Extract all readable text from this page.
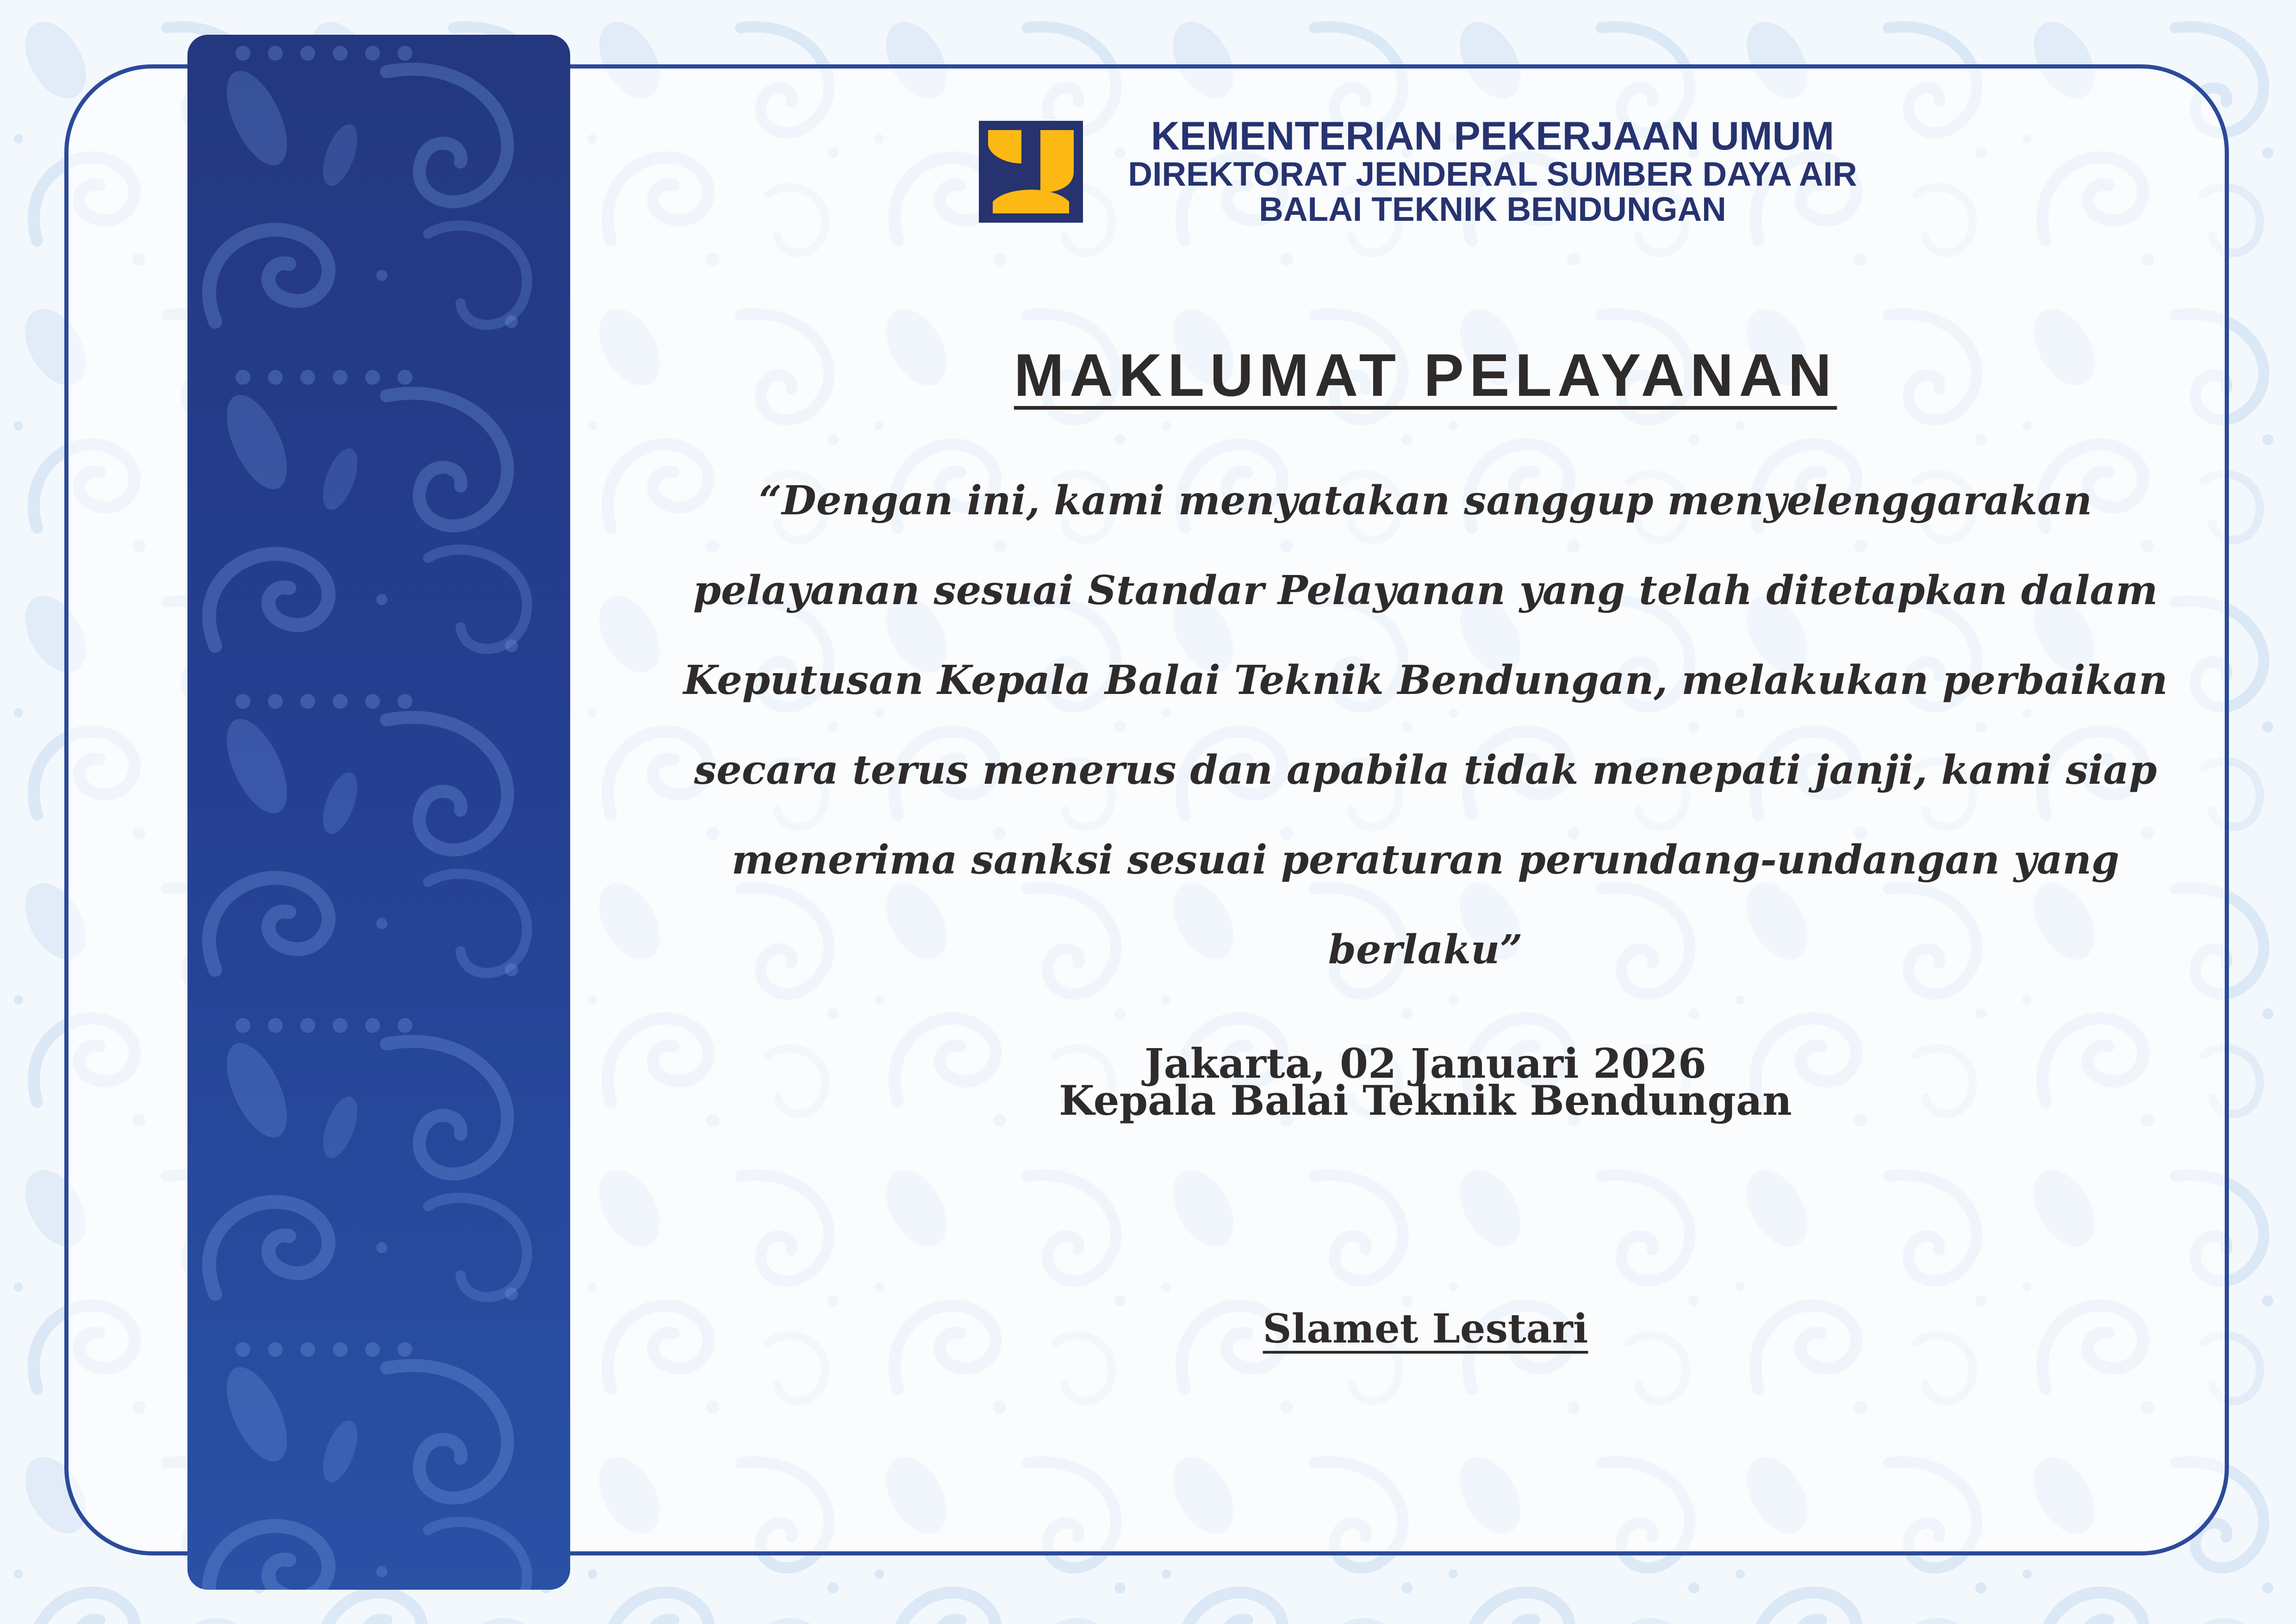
KEMENTERIAN PEKERJAAN UMUM
DIREKTORAT JENDERAL SUMBER DAYA AIR
BALAI TEKNIK BENDUNGAN
MAKLUMAT PELAYANAN

“Dengan ini, kami menyatakan sanggup menyelenggarakan pelayanan sesuai Standar Pelayanan yang telah ditetapkan dalam Keputusan Kepala Balai Teknik Bendungan, melakukan perbaikan secara terus menerus dan apabila tidak menepati janji, kami siap menerima sanksi sesuai peraturan perundang-undangan yang berlaku”

Jakarta, 02 Januari 2026
Kepala Balai Teknik Bendungan
Slamet Lestari
